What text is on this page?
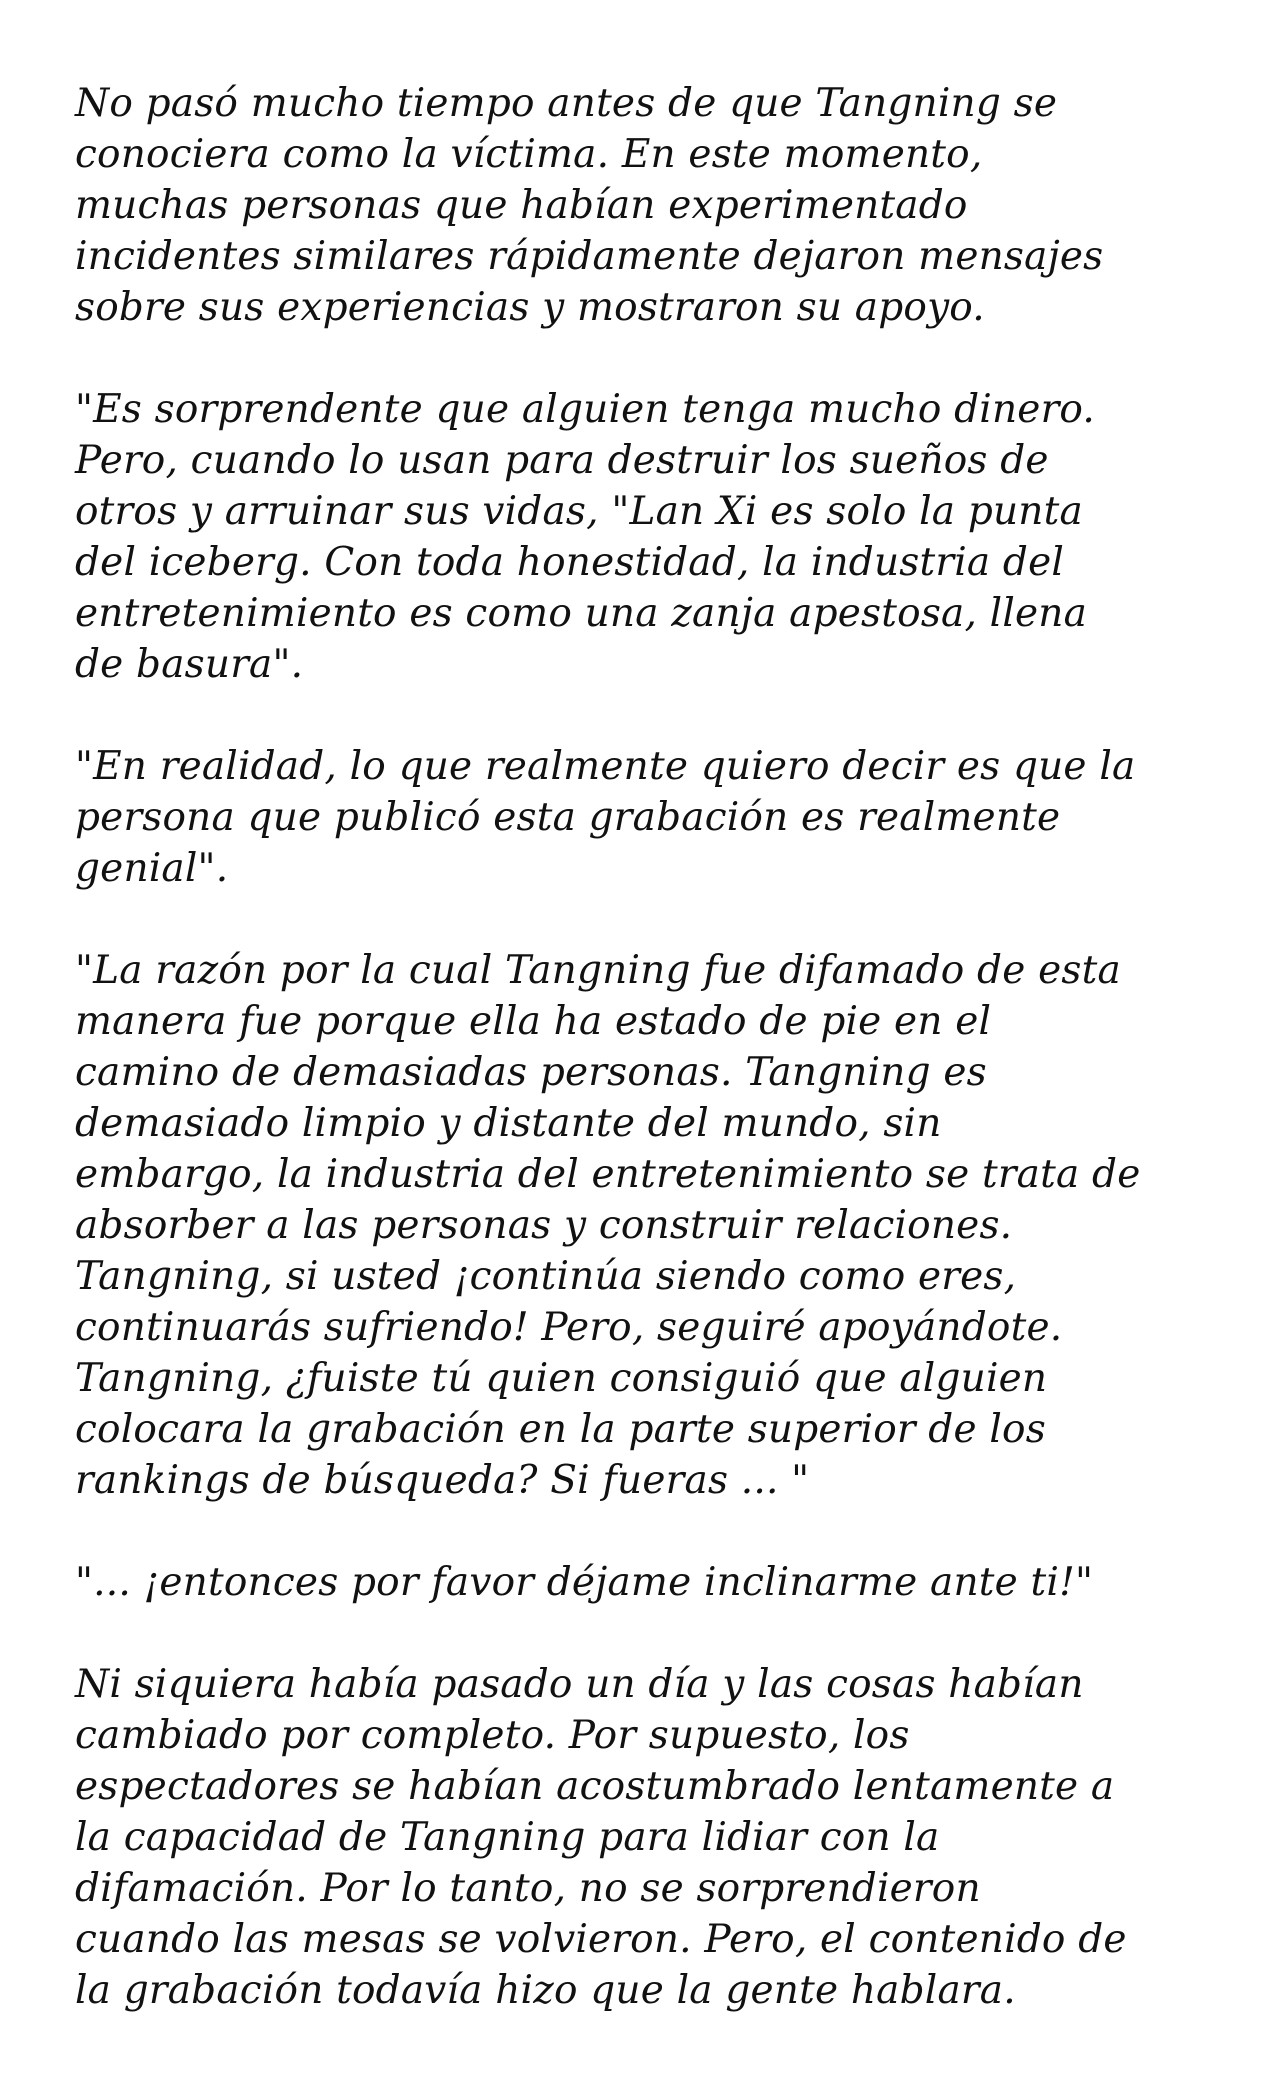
No pasó mucho tiempo antes de que Tangning se
conociera como la víctima. En este momento,
muchas personas que habían experimentado
incidentes similares rápidamente dejaron mensajes
sobre sus experiencias y mostraron su apoyo.

"Es sorprendente que alguien tenga mucho dinero.
Pero, cuando lo usan para destruir los sueños de
otros y arruinar sus vidas, "Lan Xi es solo la punta
del iceberg. Con toda honestidad, la industria del
entretenimiento es como una zanja apestosa, llena
de basura".

"En realidad, lo que realmente quiero decir es que la
persona que publicó esta grabación es realmente
genial".

"La razón por la cual Tangning fue difamado de esta
manera fue porque ella ha estado de pie en el
camino de demasiadas personas. Tangning es
demasiado limpio y distante del mundo, sin
embargo, la industria del entretenimiento se trata de
absorber a las personas y construir relaciones.
Tangning, si usted ¡continúa siendo como eres,
continuarás sufriendo! Pero, seguiré apoyándote.
Tangning, ¿fuiste tú quien consiguió que alguien
colocara la grabación en la parte superior de los
rankings de búsqueda? Si fueras ... "

"... ¡entonces por favor déjame inclinarme ante ti!"

Ni siquiera había pasado un día y las cosas habían
cambiado por completo. Por supuesto, los
espectadores se habían acostumbrado lentamente a
la capacidad de Tangning para lidiar con la
difamación. Por lo tanto, no se sorprendieron
cuando las mesas se volvieron. Pero, el contenido de
la grabación todavía hizo que la gente hablara.
